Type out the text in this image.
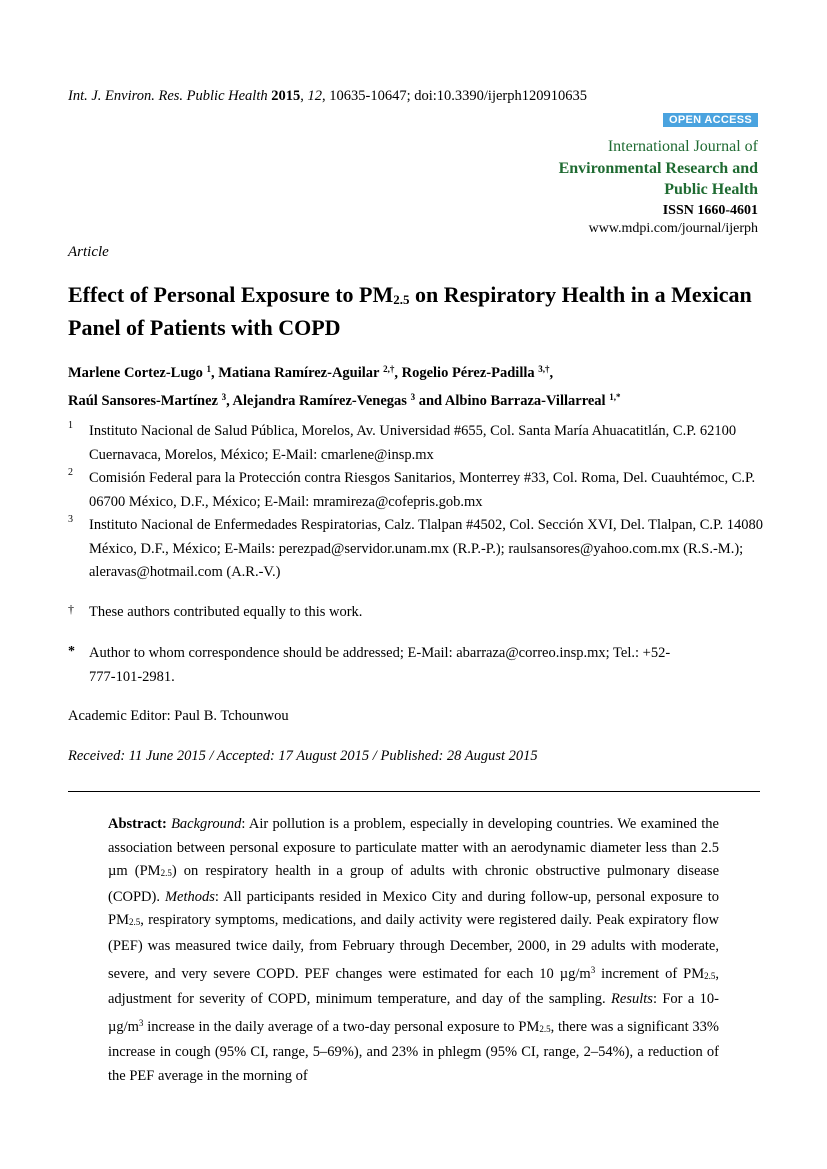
Int. J. Environ. Res. Public Health 2015, 12, 10635-10647; doi:10.3390/ijerph120910635
OPEN ACCESS
International Journal of
Environmental Research and
Public Health
ISSN 1660-4601
www.mdpi.com/journal/ijerph
Article
Effect of Personal Exposure to $PM_{2.5}$ on Respiratory Health in a Mexican Panel of Patients with COPD
Marlene Cortez-Lugo $^1$, Matiana Ramírez-Aguilar $^{2,\dagger}$, Rogelio Pérez-Padilla $^{3,\dagger}$,
Raúl Sansores-Martínez $^3$, Alejandra Ramírez-Venegas $^3$ and Albino Barraza-Villarreal $^{1,*}$
1 Instituto Nacional de Salud Pública, Morelos, Av. Universidad #655, Col. Santa María Ahuacatitlán, C.P. 62100 Cuernavaca, Morelos, México; E-Mail: cmarlene@insp.mx
2 Comisión Federal para la Protección contra Riesgos Sanitarios, Monterrey #33, Col. Roma, Del. Cuauhtémoc, C.P. 06700 México, D.F., México; E-Mail: mramireza@cofepris.gob.mx
3 Instituto Nacional de Enfermedades Respiratorias, Calz. Tlalpan #4502, Col. Sección XVI, Del. Tlalpan, C.P. 14080 México, D.F., México; E-Mails: perezpad@servidor.unam.mx (R.P.-P.); raulsansores@yahoo.com.mx (R.S.-M.); aleravas@hotmail.com (A.R.-V.)
† These authors contributed equally to this work.
* Author to whom correspondence should be addressed; E-Mail: abarraza@correo.insp.mx; Tel.: +52-777-101-2981.
Academic Editor: Paul B. Tchounwou
Received: 11 June 2015 / Accepted: 17 August 2015 / Published: 28 August 2015
Abstract: Background: Air pollution is a problem, especially in developing countries. We examined the association between personal exposure to particulate matter with an aerodynamic diameter less than 2.5 µm $(PM_{2.5})$ on respiratory health in a group of adults with chronic obstructive pulmonary disease (COPD). Methods: All participants resided in Mexico City and during follow-up, personal exposure to $PM_{2.5}$, respiratory symptoms, medications, and daily activity were registered daily. Peak expiratory flow (PEF) was measured twice daily, from February through December, 2000, in 29 adults with moderate, severe, and very severe COPD. PEF changes were estimated for each 10 $\mu g/m^3$ increment of $PM_{2.5}$, adjustment for severity of COPD, minimum temperature, and day of the sampling. Results: For a $10-\mu g/m^3$ increase in the daily average of a two-day personal exposure to $PM_{2.5}$, there was a significant 33% increase in cough (95% CI, range, 5–69%), and 23% in phlegm (95% CI, range, 2–54%), a reduction of the PEF average in the morning of
